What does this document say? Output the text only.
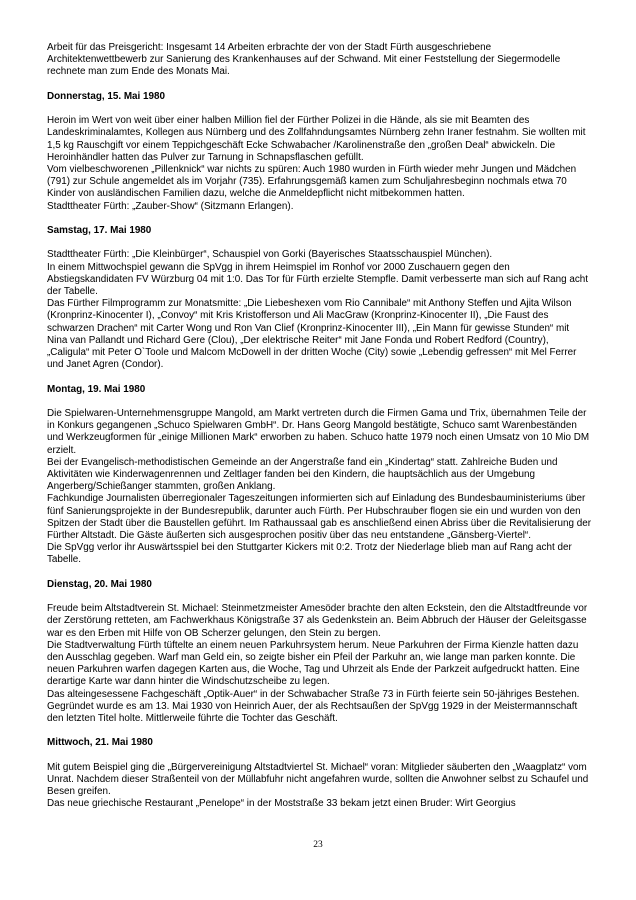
Arbeit für das Preisgericht: Insgesamt 14 Arbeiten erbrachte der von der Stadt Fürth ausgeschriebene Architektenwettbewerb zur Sanierung des Krankenhauses auf der Schwand. Mit einer Feststellung der Siegermodelle rechnete man zum Ende des Monats Mai.

Donnerstag, 15. Mai 1980

Heroin im Wert von weit über einer halben Million fiel der Fürther Polizei in die Hände, als sie mit Beamten des Landeskriminalamtes, Kollegen aus Nürnberg und des Zollfahndungsamtes Nürnberg zehn Iraner festnahm. Sie wollten mit 1,5 kg Rauschgift vor einem Teppichgeschäft Ecke Schwabacher /Karolinenstraße den „großen Deal“ abwickeln. Die Heroinhändler hatten das Pulver zur Tarnung in Schnapsflaschen gefüllt.

Vom vielbeschworenen „Pillenknick“ war nichts zu spüren: Auch 1980 wurden in Fürth wieder mehr Jungen und Mädchen (791) zur Schule angemeldet als im Vorjahr (735). Erfahrungsgemäß kamen zum Schuljahresbeginn nochmals etwa 70 Kinder von ausländischen Familien dazu, welche die Anmeldepflicht nicht mitbekommen hatten.

Stadttheater Fürth: „Zauber-Show“ (Sitzmann Erlangen).

Samstag, 17. Mai 1980

Stadttheater Fürth: „Die Kleinbürger“, Schauspiel von Gorki (Bayerisches Staatsschauspiel München).

In einem Mittwochspiel gewann die SpVgg in ihrem Heimspiel im Ronhof vor 2000 Zuschauern gegen den Abstiegskandidaten FV Würzburg 04 mit 1:0. Das Tor für Fürth erzielte Stempfle. Damit verbesserte man sich auf Rang acht der Tabelle.

Das Fürther Filmprogramm zur Monatsmitte: „Die Liebeshexen vom Rio Cannibale“ mit Anthony Steffen und Ajita Wilson (Kronprinz-Kinocenter I), „Convoy“ mit Kris Kristofferson und Ali MacGraw (Kronprinz-Kinocenter II), „Die Faust des schwarzen Drachen“ mit Carter Wong und Ron Van Clief (Kronprinz-Kinocenter III), „Ein Mann für gewisse Stunden“ mit Nina van Pallandt und Richard Gere (Clou), „Der elektrische Reiter“ mit Jane Fonda und Robert Redford (Country), „Caligula“ mit Peter O`Toole und Malcom McDowell in der dritten Woche (City) sowie „Lebendig gefressen“ mit Mel Ferrer und Janet Agren (Condor).

Montag, 19. Mai 1980

Die Spielwaren-Unternehmensgruppe Mangold, am Markt vertreten durch die Firmen Gama und Trix, übernahmen Teile der in Konkurs gegangenen „Schuco Spielwaren GmbH“. Dr. Hans Georg Mangold bestätigte, Schuco samt Warenbeständen und Werkzeugformen für „einige Millionen Mark“ erworben zu haben. Schuco hatte 1979 noch einen Umsatz von 10 Mio DM erzielt.

Bei der Evangelisch-methodistischen Gemeinde an der Angerstraße fand ein „Kindertag“ statt. Zahlreiche Buden und Aktivitäten wie Kinderwagenrennen und Zeltlager fanden bei den Kindern, die hauptsächlich aus der Umgebung Angerberg/Schießanger stammten, großen Anklang.

Fachkundige Journalisten überregionaler Tageszeitungen informierten sich auf Einladung des Bundesbauministeriums über fünf Sanierungsprojekte in der Bundesrepublik, darunter auch Fürth. Per Hubschrauber flogen sie ein und wurden von den Spitzen der Stadt über die Baustellen geführt. Im Rathaussaal gab es anschließend einen Abriss über die Revitalisierung der Fürther Altstadt. Die Gäste äußerten sich ausgesprochen positiv über das neu entstandene „Gänsberg-Viertel“.

Die SpVgg verlor ihr Auswärtsspiel bei den Stuttgarter Kickers mit 0:2. Trotz der Niederlage blieb man auf Rang acht der Tabelle.

Dienstag, 20. Mai 1980

Freude beim Altstadtverein St. Michael: Steinmetzmeister Amesöder brachte den alten Eckstein, den die Altstadtfreunde vor der Zerstörung retteten, am Fachwerkhaus Königstraße 37 als Gedenkstein an. Beim Abbruch der Häuser der Geleitsgasse war es den Erben mit Hilfe von OB Scherzer gelungen, den Stein zu bergen.

Die Stadtverwaltung Fürth tüftelte an einem neuen Parkuhrsystem herum. Neue Parkuhren der Firma Kienzle hatten dazu den Ausschlag gegeben. Warf man Geld ein, so zeigte bisher ein Pfeil der Parkuhr an, wie lange man parken konnte. Die neuen Parkuhren warfen dagegen Karten aus, die Woche, Tag und Uhrzeit als Ende der Parkzeit aufgedruckt hatten. Eine derartige Karte war dann hinter die Windschutzscheibe zu legen.

Das alteingesessene Fachgeschäft „Optik-Auer“ in der Schwabacher Straße 73 in Fürth feierte sein 50-jähriges Bestehen. Gegründet wurde es am 13. Mai 1930 von Heinrich Auer, der als Rechtsaußen der SpVgg 1929 in der Meistermannschaft den letzten Titel holte. Mittlerweile führte die Tochter das Geschäft.

Mittwoch, 21. Mai 1980

Mit gutem Beispiel ging die „Bürgervereinigung Altstadtviertel St. Michael“ voran: Mitglieder säuberten den „Waagplatz“ vom Unrat. Nachdem dieser Straßenteil von der Müllabfuhr nicht angefahren wurde, sollten die Anwohner selbst zu Schaufel und Besen greifen.

Das neue griechische Restaurant „Penelope“ in der Moststraße 33 bekam jetzt einen Bruder: Wirt Georgius

23
